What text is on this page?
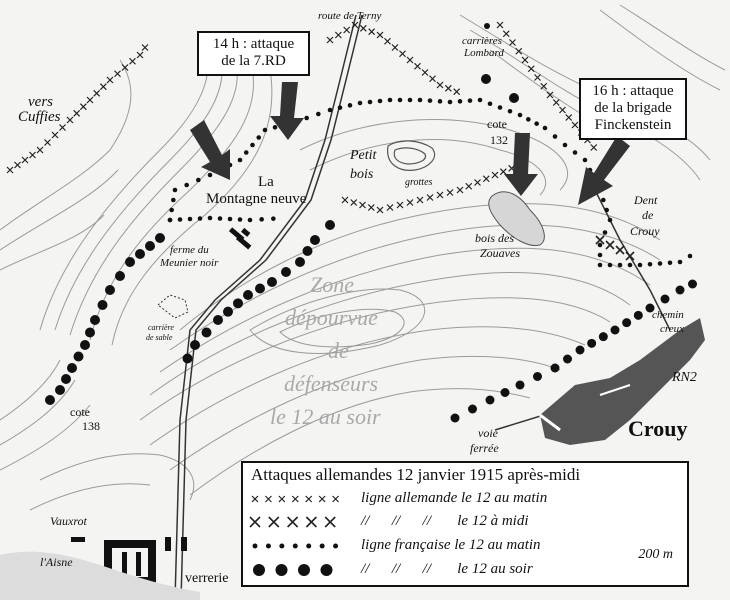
route de Terny
carrières
Lombard
vers
Cuffies
La
Montagne neuve
Petit
bois
grottes
cote
132
Dent
de
Crouy
bois des
Zouaves
ferme du
Meunier noir
carrière
de sable
chemin
creux
RN2
Crouy
voie
ferrée
cote
138
Vauxrot
l'Aisne
verrerie
Zone
dépourvue
de
défenseurs
le 12 au soir
14 h : attaque
de la 7.RD
16 h : attaque
de la brigade
Finckenstein
Attaques allemandes 12 janvier 1915 après-midi
ligne allemande le 12 au matin
//      //      //       le 12 à midi
ligne française le 12 au matin
//      //      //       le 12 au soir
200 m
